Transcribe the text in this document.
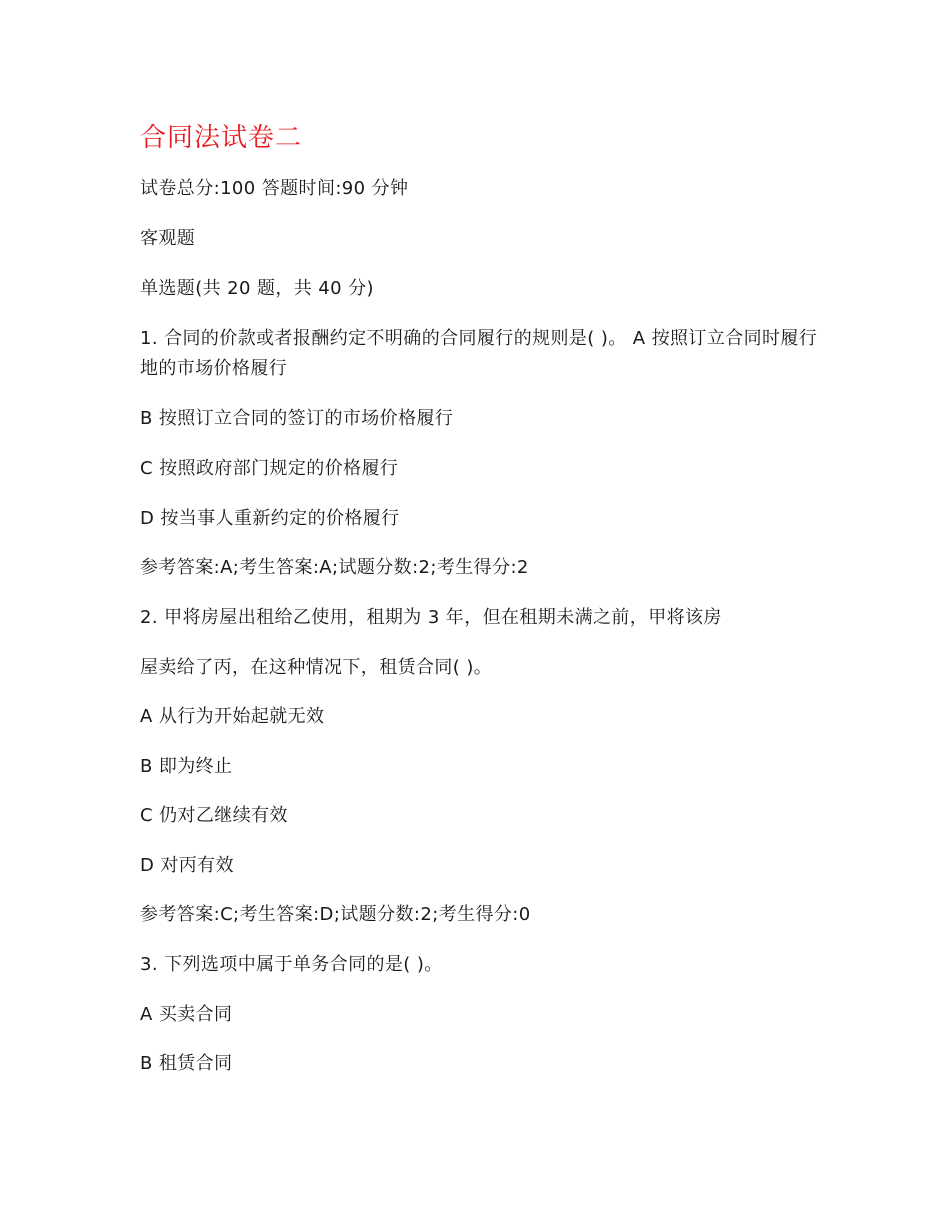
合同法试卷二
试卷总分:100 答题时间:90 分钟
客观题
单选题(共 20 题，共 40 分)
1. 合同的价款或者报酬约定不明确的合同履行的规则是( )。 A 按照订立合同时履行地的市场价格履行
B 按照订立合同的签订的市场价格履行
C 按照政府部门规定的价格履行
D 按当事人重新约定的价格履行
参考答案:A;考生答案:A;试题分数:2;考生得分:2
2. 甲将房屋出租给乙使用，租期为 3 年，但在租期未满之前，甲将该房
屋卖给了丙，在这种情况下，租赁合同( )。
A 从行为开始起就无效
B 即为终止
C 仍对乙继续有效
D 对丙有效
参考答案:C;考生答案:D;试题分数:2;考生得分:0
3. 下列选项中属于单务合同的是( )。
A 买卖合同
B 租赁合同
